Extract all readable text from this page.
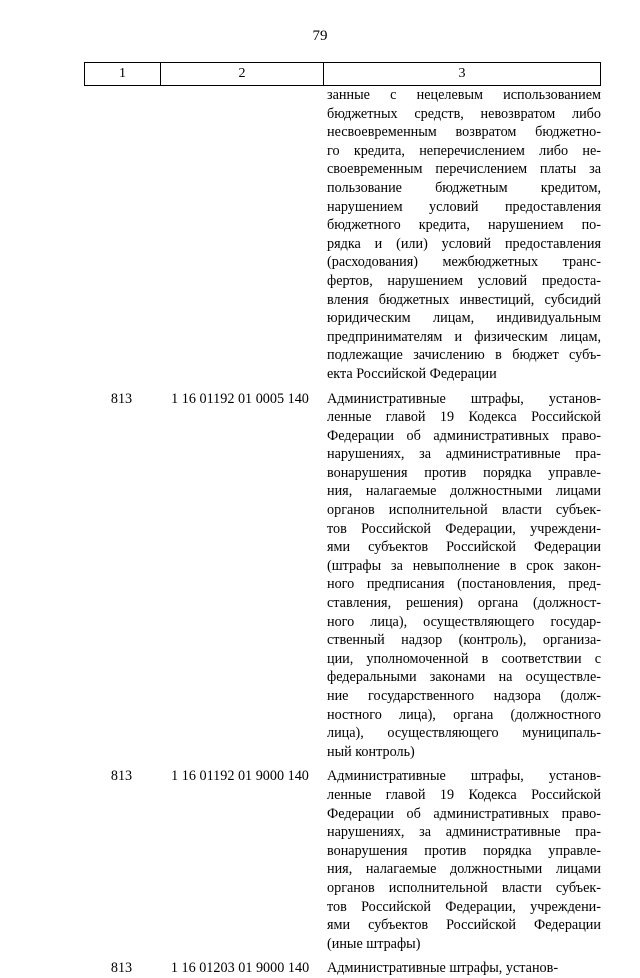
79
1	2	3
занные с нецелевым использованием
бюджетных средств, невозвратом либо
несвоевременным возвратом бюджетно-
го кредита, неперечислением либо не-
своевременным перечислением платы за
пользование бюджетным кредитом,
нарушением условий предоставления
бюджетного кредита, нарушением по-
рядка и (или) условий предоставления
(расходования) межбюджетных транс-
фертов, нарушением условий предоста-
вления бюджетных инвестиций, субсидий
юридическим лицам, индивидуальным
предпринимателям и физическим лицам,
подлежащие зачислению в бюджет субъ-
екта Российской Федерации
813	1 16 01192 01 0005 140	Административные штрафы, установ-
ленные главой 19 Кодекса Российской
Федерации об административных право-
нарушениях, за административные пра-
вонарушения против порядка управле-
ния, налагаемые должностными лицами
органов исполнительной власти субъек-
тов Российской Федерации, учреждени-
ями субъектов Российской Федерации
(штрафы за невыполнение в срок закон-
ного предписания (постановления, пред-
ставления, решения) органа (должност-
ного лица), осуществляющего государ-
ственный надзор (контроль), организа-
ции, уполномоченной в соответствии с
федеральными законами на осуществле-
ние государственного надзора (долж-
ностного лица), органа (должностного
лица), осуществляющего муниципаль-
ный контроль)
813	1 16 01192 01 9000 140	Административные штрафы, установ-
ленные главой 19 Кодекса Российской
Федерации об административных право-
нарушениях, за административные пра-
вонарушения против порядка управле-
ния, налагаемые должностными лицами
органов исполнительной власти субъек-
тов Российской Федерации, учреждени-
ями субъектов Российской Федерации
(иные штрафы)
813	1 16 01203 01 9000 140	Административные штрафы, установ-
